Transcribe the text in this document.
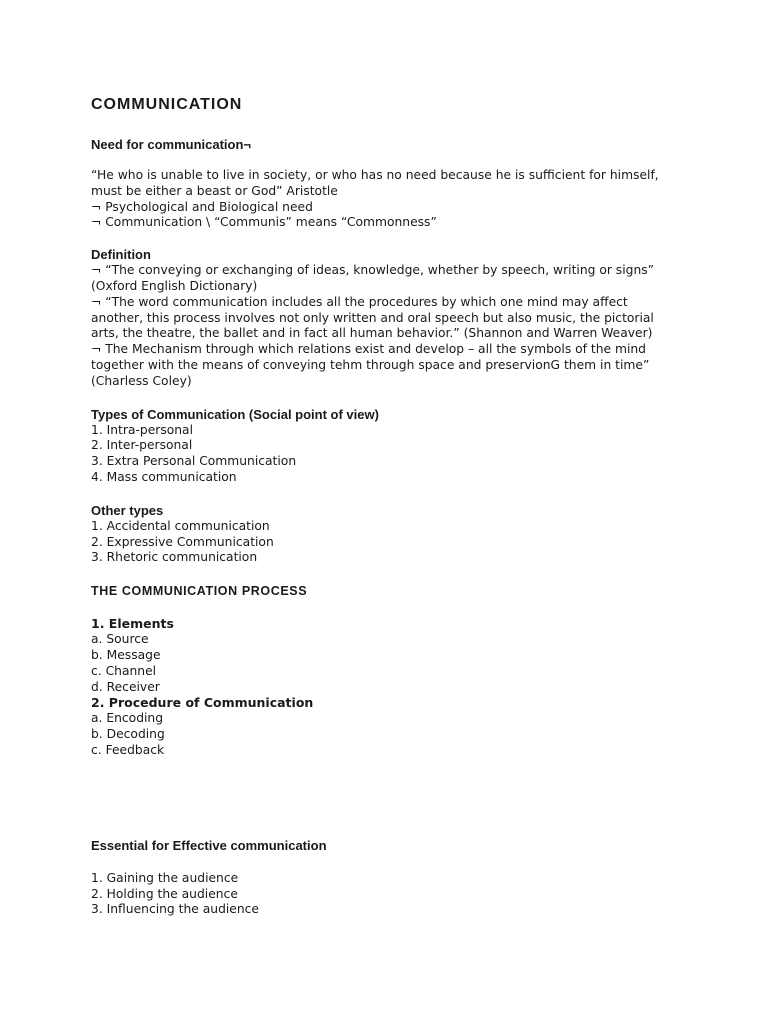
COMMUNICATION

Need for communication¬

“He who is unable to live in society, or who has no need because he is sufficient for himself,

must be either a beast or God” Aristotle

¬ Psychological and Biological need

¬ Communication \ “Communis” means “Commonness”

Definition

¬ “The conveying or exchanging of ideas, knowledge, whether by speech, writing or signs”

(Oxford English Dictionary)

¬ “The word communication includes all the procedures by which one mind may affect

another, this process involves not only written and oral speech but also music, the pictorial

arts, the theatre, the ballet and in fact all human behavior.” (Shannon and Warren Weaver)

¬ The Mechanism through which relations exist and develop – all the symbols of the mind

together with the means of conveying tehm through space and preservionG them in time”

(Charless Coley)

Types of Communication (Social point of view)

1. Intra-personal

2. Inter-personal

3. Extra Personal Communication

4. Mass communication

Other types

1. Accidental communication

2. Expressive Communication

3. Rhetoric communication

THE COMMUNICATION PROCESS

1. Elements

a. Source

b. Message

c. Channel

d. Receiver

2. Procedure of Communication

a. Encoding

b. Decoding

c. Feedback

Essential for Effective communication

1. Gaining the audience

2. Holding the audience

3. Influencing the audience
